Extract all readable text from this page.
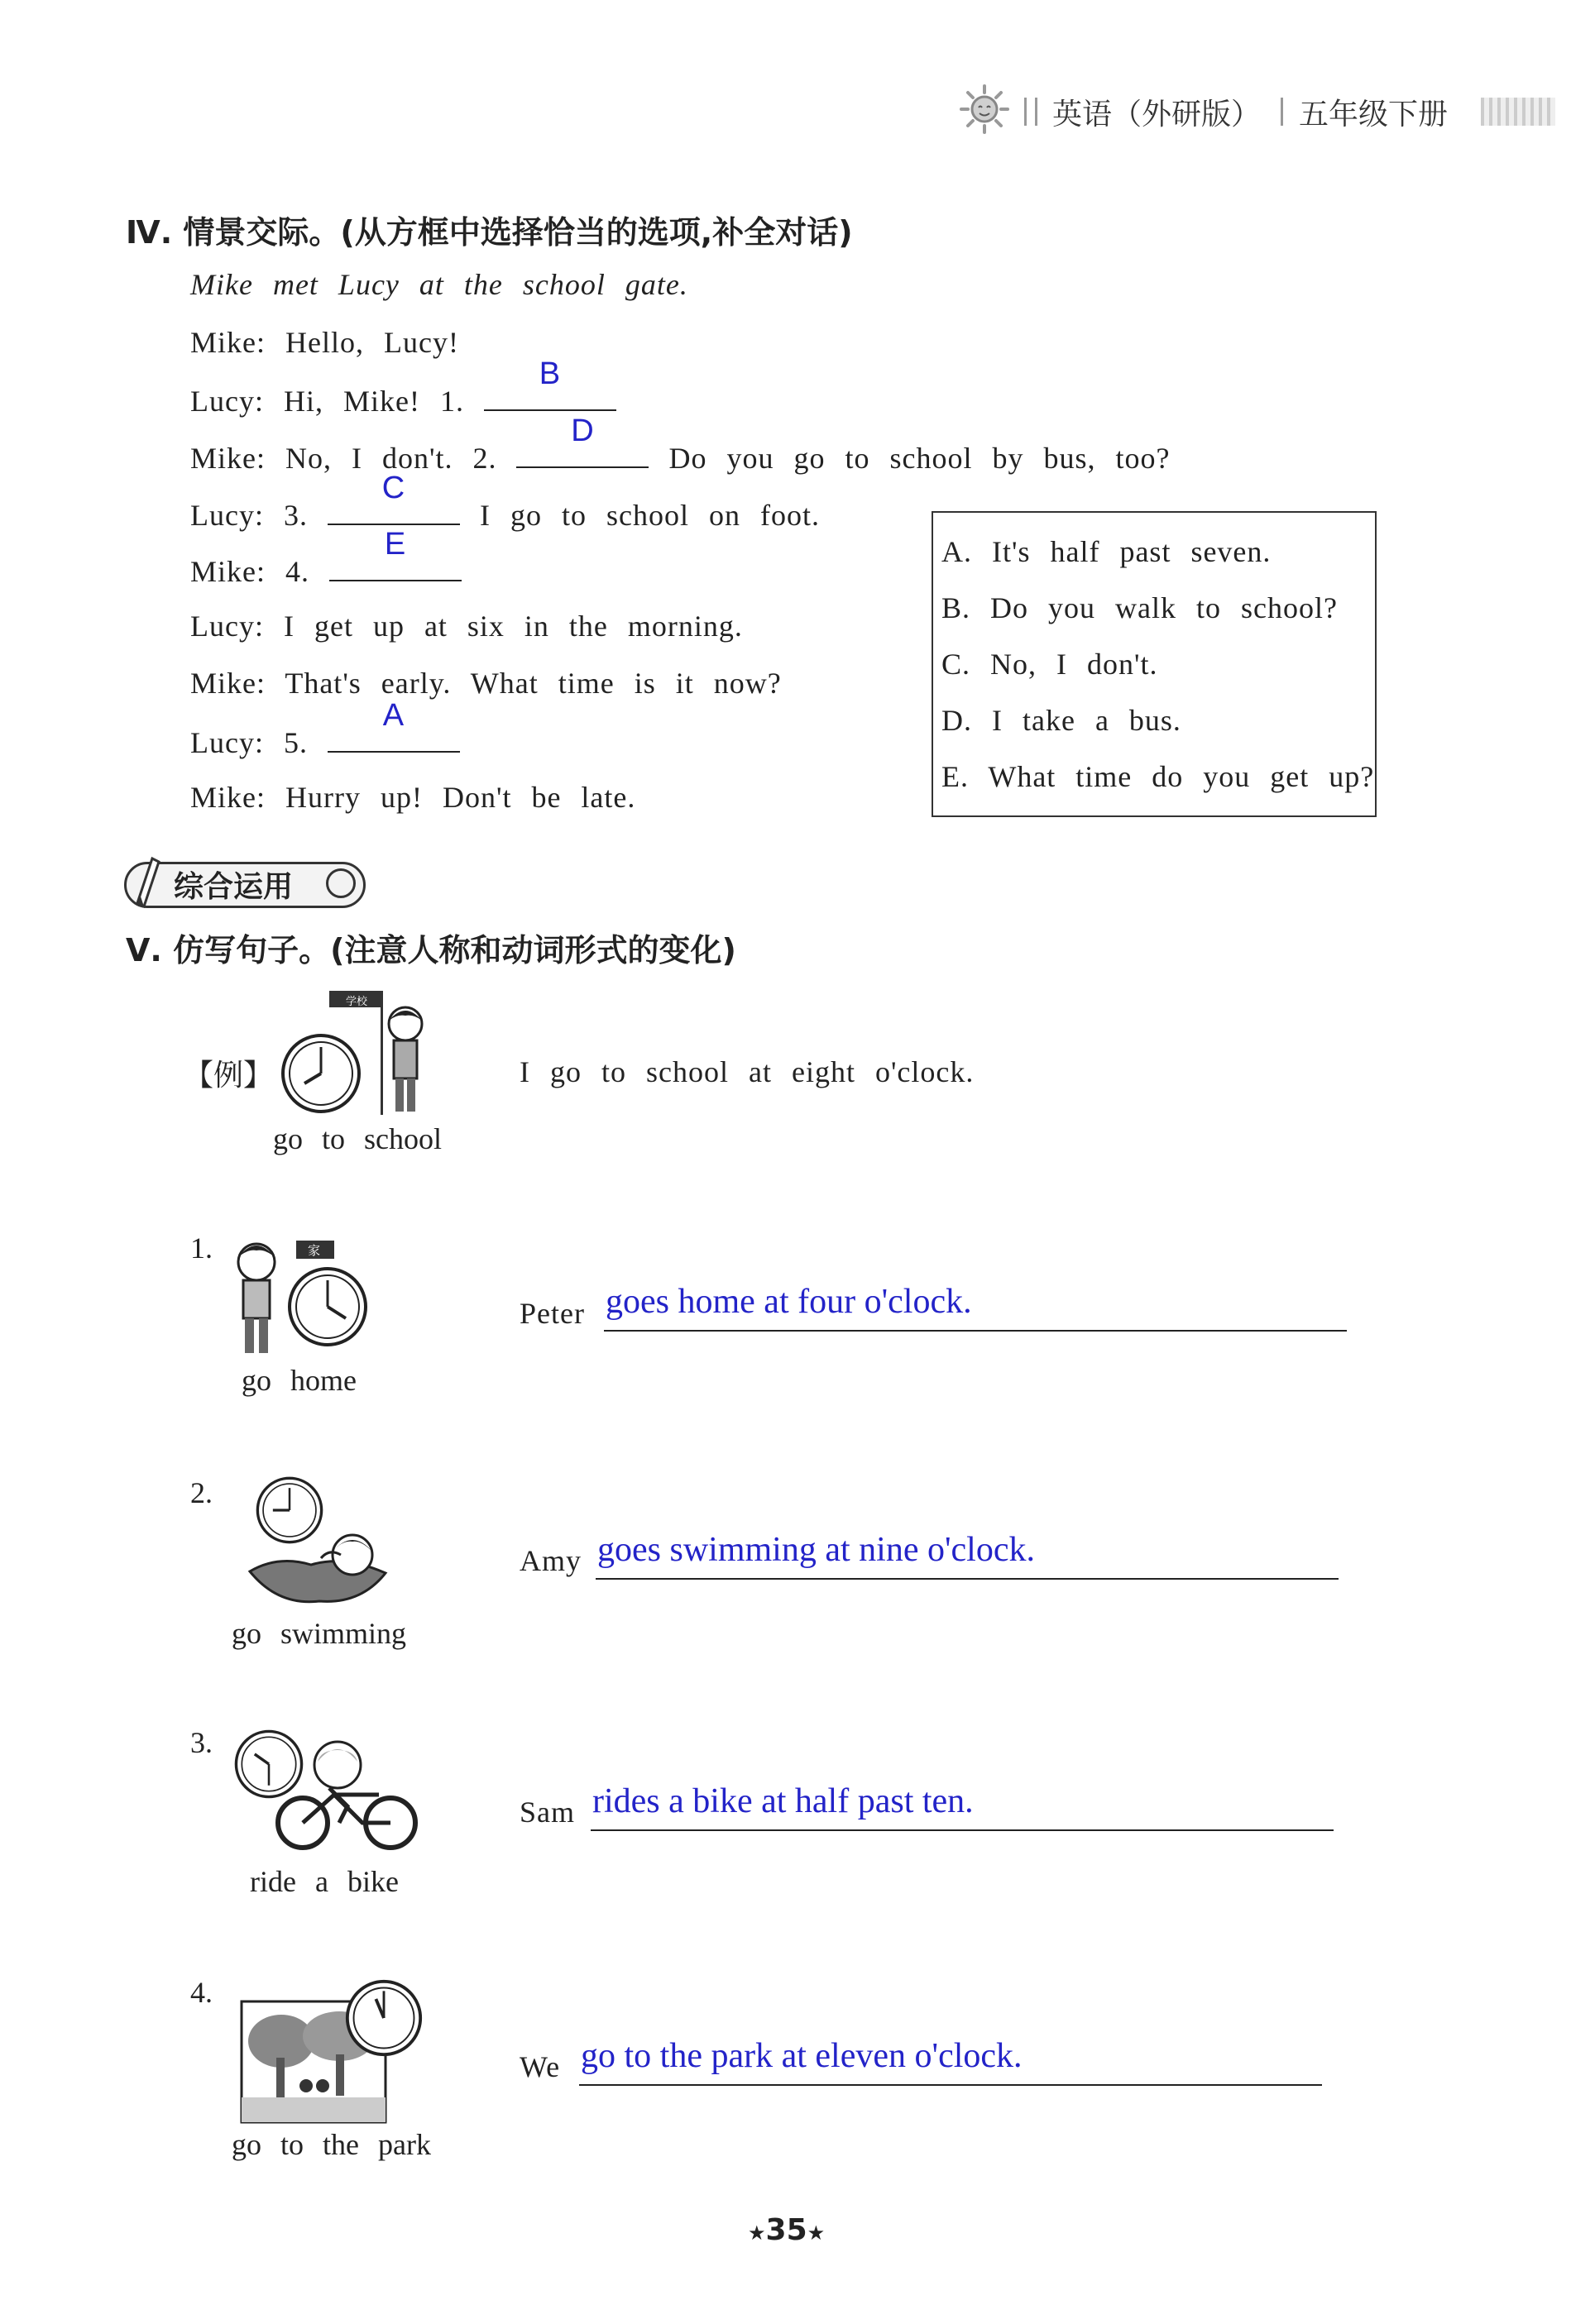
英语（外研版） 五年级下册
Ⅳ. 情景交际。(从方框中选择恰当的选项,补全对话)
Mike met Lucy at the school gate.
Mike: Hello, Lucy!
Lucy: Hi, Mike! 1.
B
Mike: No, I don't. 2.
D
Do you go to school by bus, too?
Lucy: 3.
C
I go to school on foot.
Mike: 4.
E
Lucy: I get up at six in the morning.
Mike: That's early. What time is it now?
Lucy: 5.
A
Mike: Hurry up! Don't be late.
A. It's half past seven.
B. Do you walk to school?
C. No, I don't.
D. I take a bus.
E. What time do you get up?
综合运用
Ⅴ. 仿写句子。(注意人称和动词形式的变化)
【例】
学校
go to school
I go to school at eight o'clock.
1.	家
go home
Peter goes home at four o'clock.
2.
go swimming
Amy goes swimming at nine o'clock.
3.
ride a bike
Sam rides a bike at half past ten.
4.
go to the park
We go to the park at eleven o'clock.
★35★
